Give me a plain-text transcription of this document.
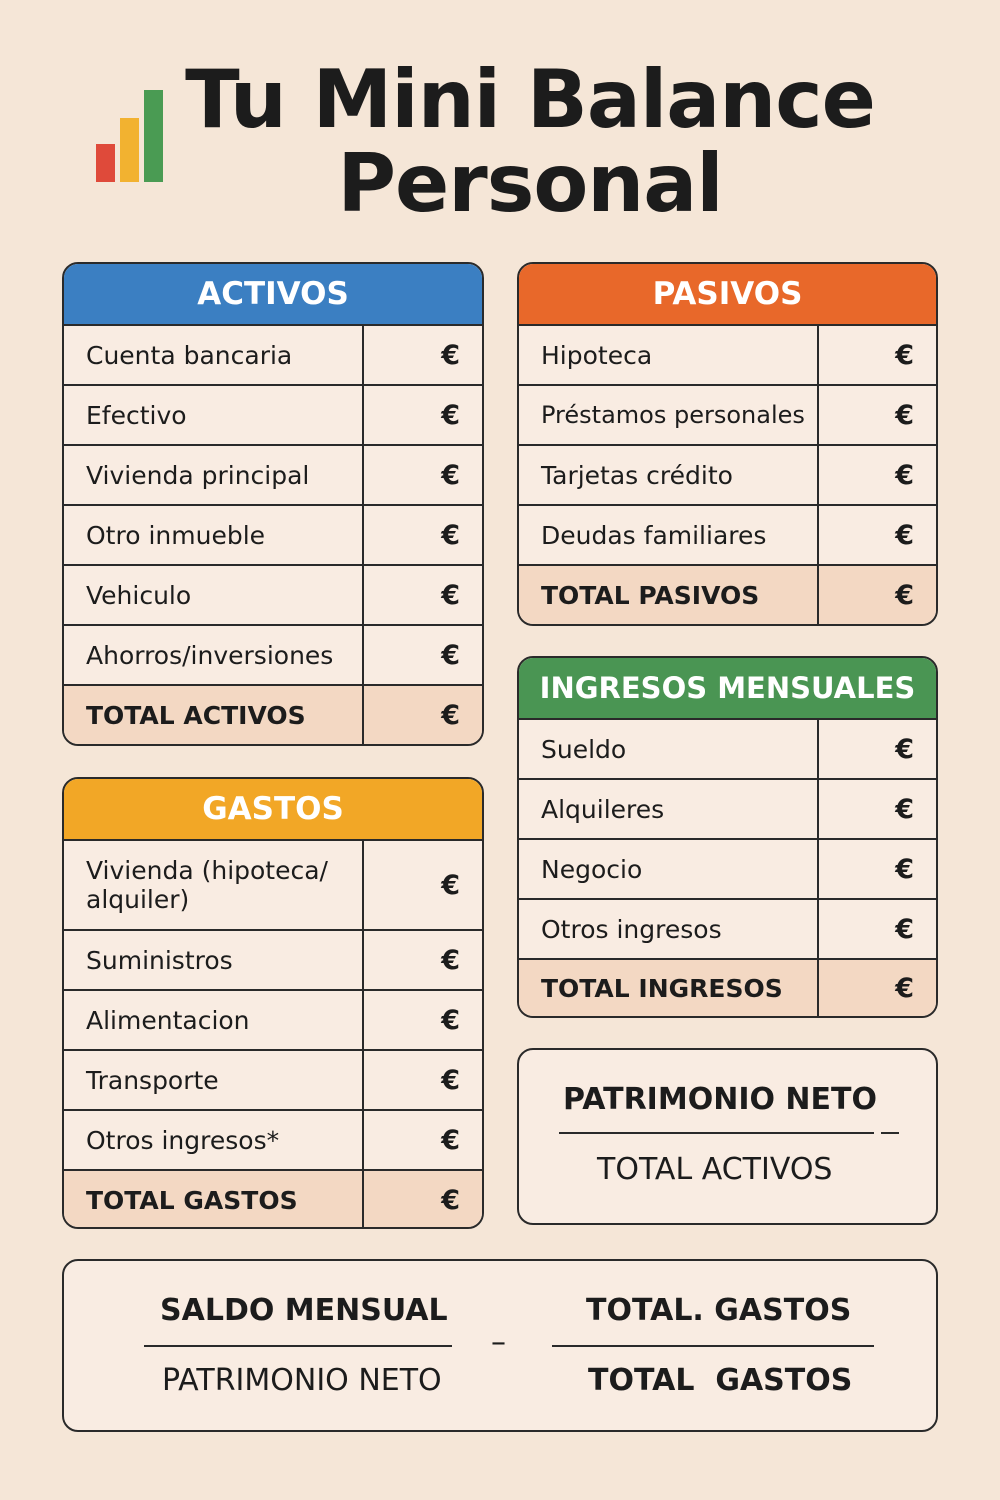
Tu Mini Balance
Personal
ACTIVOS
Cuenta bancaria	€
Efectivo	€
Vivienda principal	€
Otro inmueble	€
Vehiculo	€
Ahorros/inversiones	€
TOTAL ACTIVOS	€
PASIVOS
Hipoteca	€
Préstamos personales	€
Tarjetas crédito	€
Deudas familiares	€
TOTAL PASIVOS	€
INGRESOS MENSUALES
Sueldo	€
Alquileres	€
Negocio	€
Otros ingresos	€
TOTAL INGRESOS	€
GASTOS
Vivienda (hipoteca/ alquiler)	€
Suministros	€
Alimentacion	€
Transporte	€
Otros ingresos*	€
TOTAL GASTOS	€
PATRIMONIO NETO
TOTAL ACTIVOS
SALDO MENSUAL
PATRIMONIO NETO
–
TOTAL. GASTOS
TOTAL  GASTOS
